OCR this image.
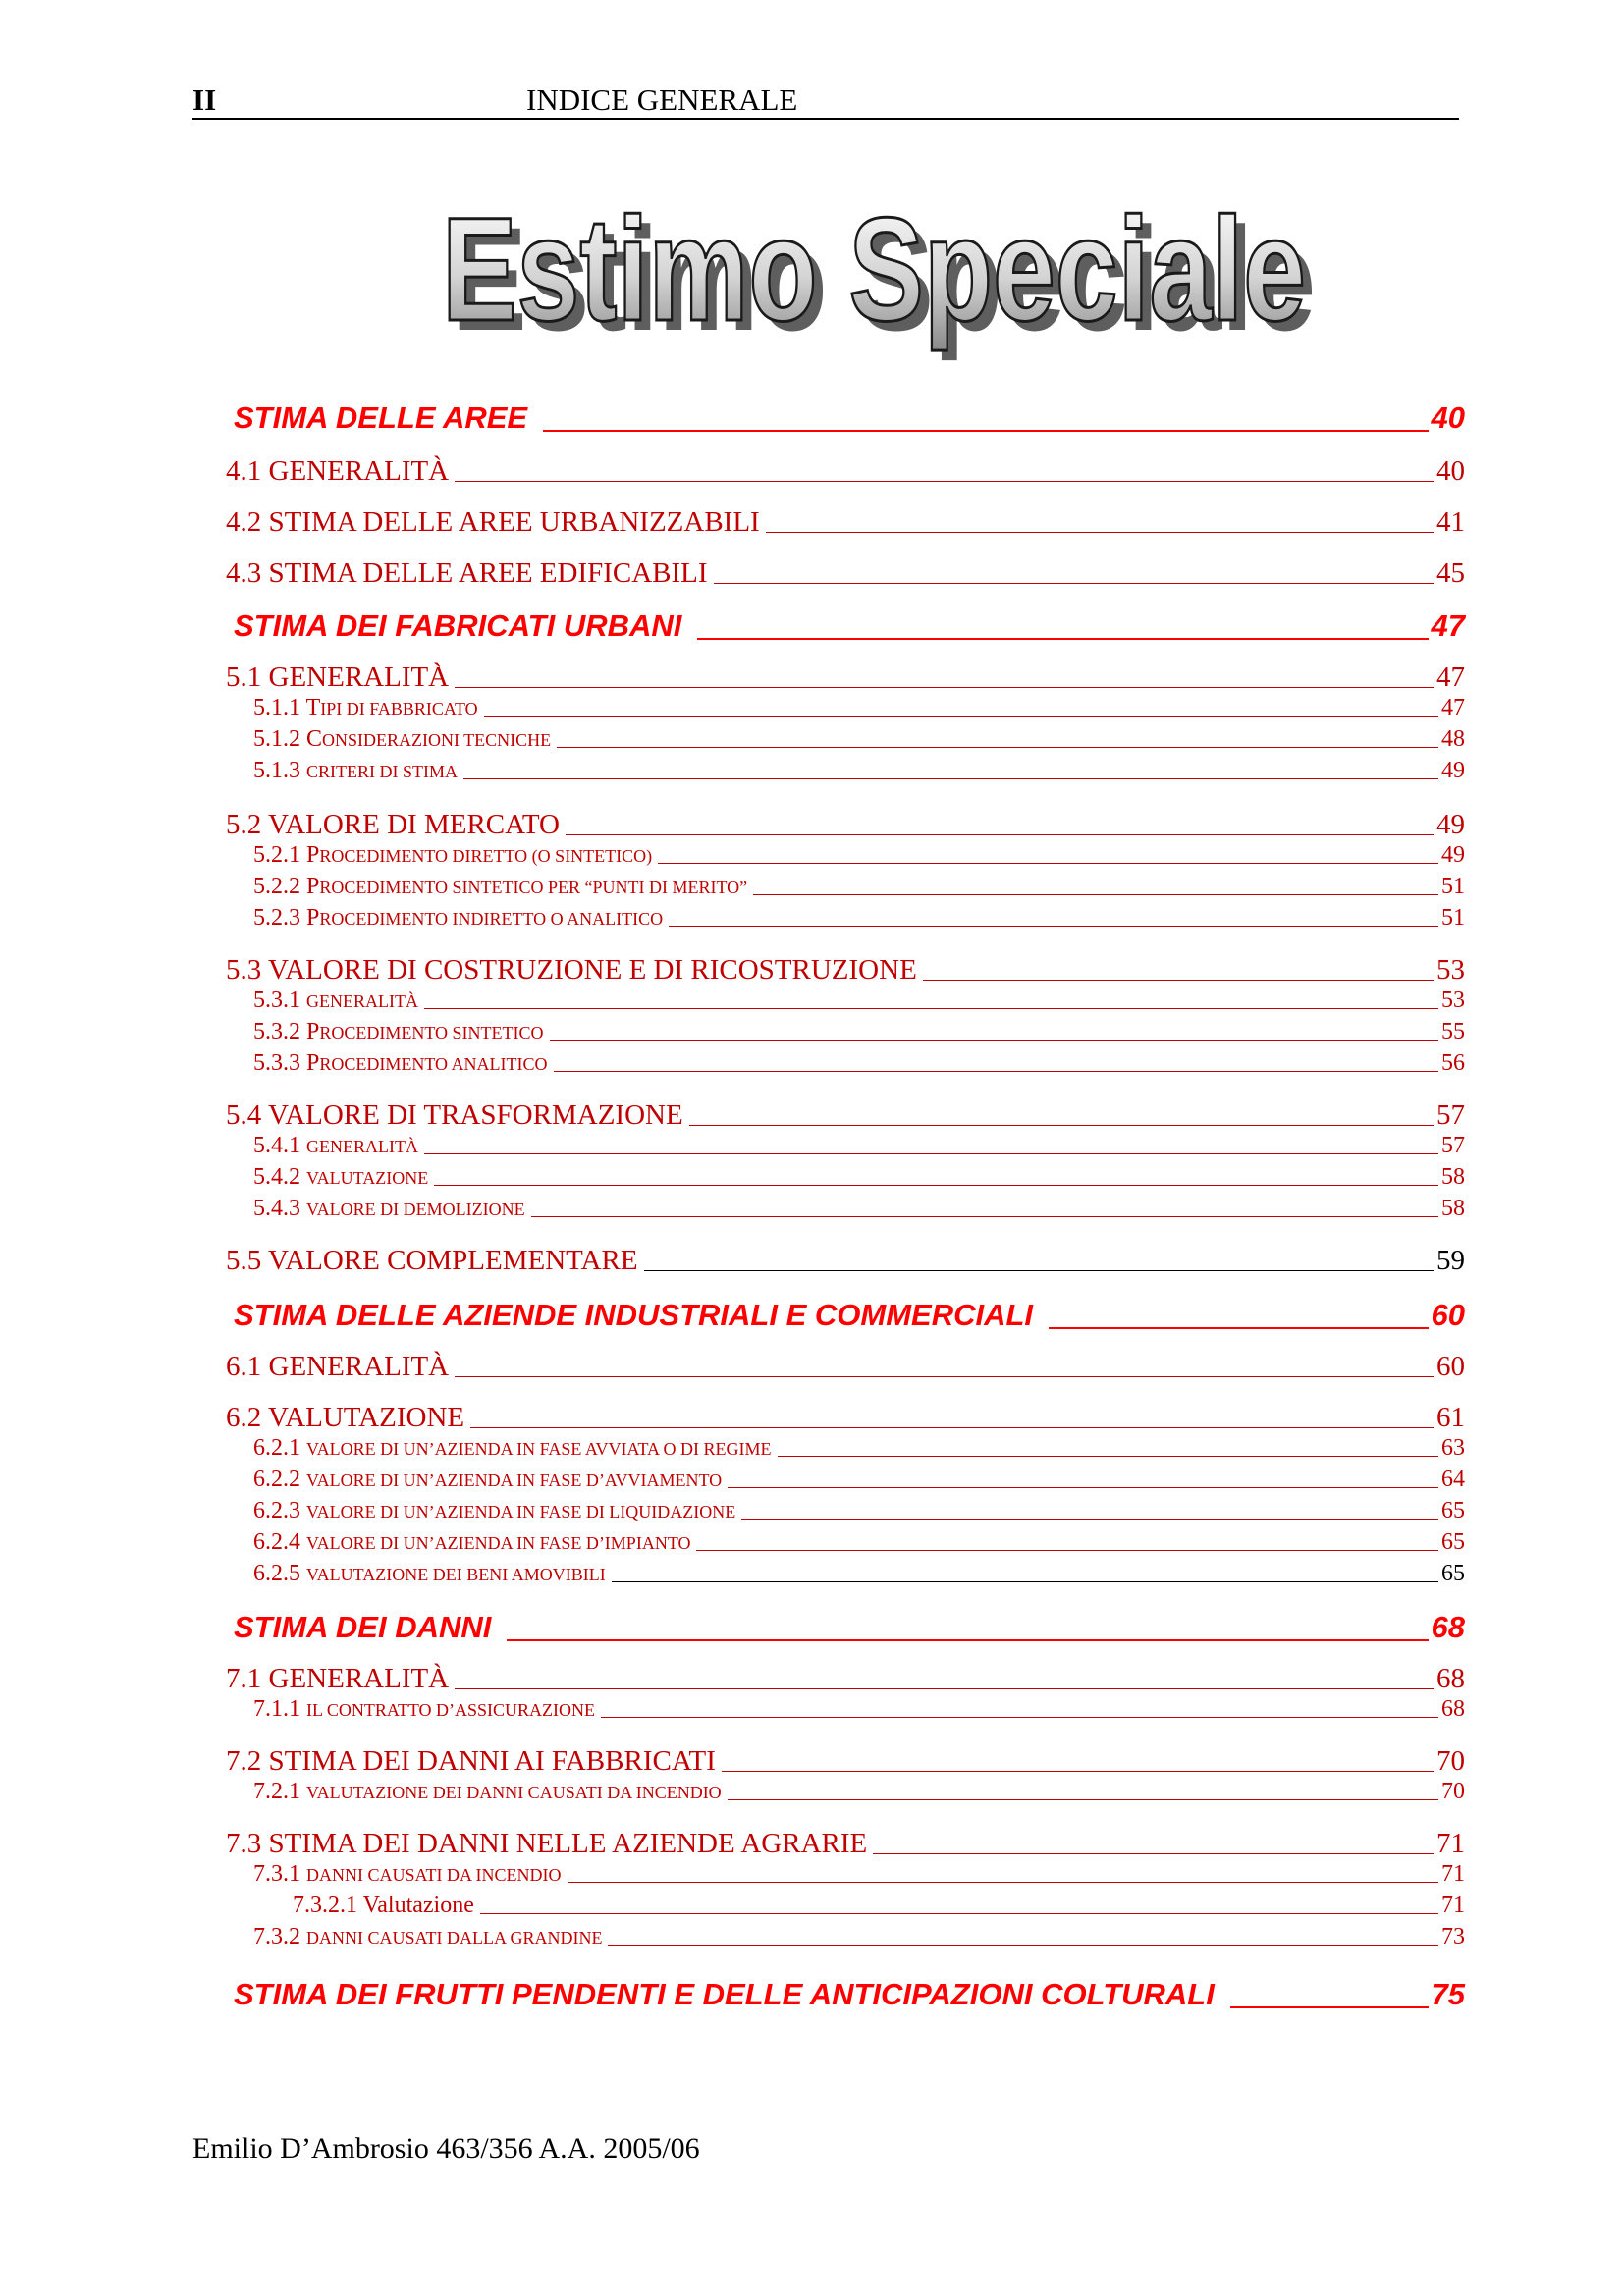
II	INDICE GENERALE
Estimo Speciale
Estimo Speciale
STIMA DELLE AREE	40
4.1 GENERALITÀ	40
4.2 STIMA DELLE AREE URBANIZZABILI	41
4.3 STIMA DELLE AREE EDIFICABILI	45
STIMA DEI FABRICATI URBANI	47
5.1 GENERALITÀ	47
5.1.1 TIPI DI FABBRICATO	47
5.1.2 CONSIDERAZIONI TECNICHE	48
5.1.3 CRITERI DI STIMA	49
5.2 VALORE DI MERCATO	49
5.2.1 PROCEDIMENTO DIRETTO (O SINTETICO)	49
5.2.2 PROCEDIMENTO SINTETICO PER “PUNTI DI MERITO”	51
5.2.3 PROCEDIMENTO INDIRETTO O ANALITICO	51
5.3 VALORE DI COSTRUZIONE E DI RICOSTRUZIONE	53
5.3.1 GENERALITÀ	53
5.3.2 PROCEDIMENTO SINTETICO	55
5.3.3 PROCEDIMENTO ANALITICO	56
5.4 VALORE DI TRASFORMAZIONE	57
5.4.1 GENERALITÀ	57
5.4.2 VALUTAZIONE	58
5.4.3 VALORE DI DEMOLIZIONE	58
5.5 VALORE COMPLEMENTARE	59
STIMA DELLE AZIENDE INDUSTRIALI E COMMERCIALI	60
6.1 GENERALITÀ	60
6.2 VALUTAZIONE	61
6.2.1 VALORE DI UN’AZIENDA IN FASE AVVIATA O DI REGIME	63
6.2.2 VALORE DI UN’AZIENDA IN FASE D’AVVIAMENTO	64
6.2.3 VALORE DI UN’AZIENDA IN FASE DI LIQUIDAZIONE	65
6.2.4 VALORE DI UN’AZIENDA IN FASE D’IMPIANTO	65
6.2.5 VALUTAZIONE DEI BENI AMOVIBILI	65
STIMA DEI DANNI	68
7.1 GENERALITÀ	68
7.1.1 IL CONTRATTO D’ASSICURAZIONE	68
7.2 STIMA DEI DANNI AI FABBRICATI	70
7.2.1 VALUTAZIONE DEI DANNI CAUSATI DA INCENDIO	70
7.3 STIMA DEI DANNI NELLE AZIENDE AGRARIE	71
7.3.1 DANNI CAUSATI DA INCENDIO	71
7.3.2.1 Valutazione	71
7.3.2 DANNI CAUSATI DALLA GRANDINE	73
STIMA DEI FRUTTI PENDENTI E DELLE ANTICIPAZIONI COLTURALI	75
Emilio D’Ambrosio 463/356 A.A. 2005/06
